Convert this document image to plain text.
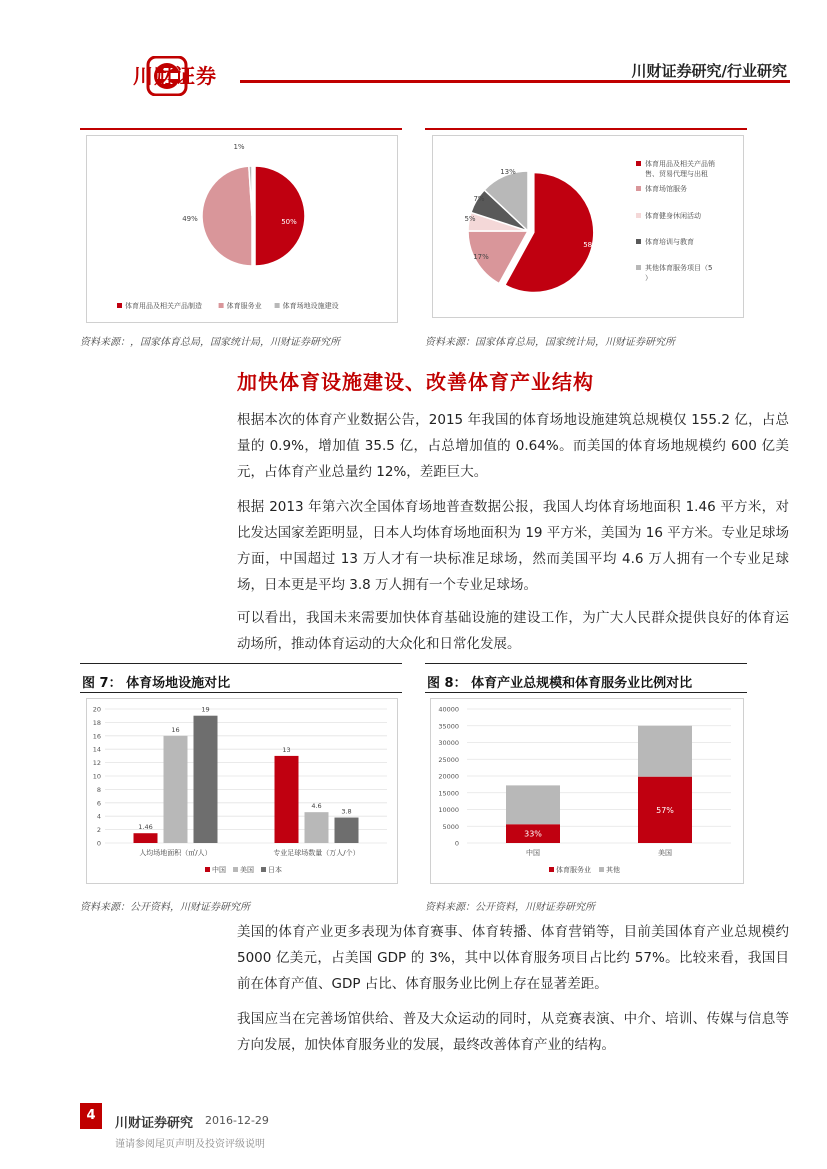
川财证券	川财证券研究/行业研究
50%
49%
1%
体育用品及相关产品制造	体育服务业	体育场地设施建设
资料来源：，国家体育总局，国家统计局，川财证券研究所
58%
17%
5%
7%
13%
体育用品及相关产品销售、贸易代理与出租
体育场馆服务
体育健身休闲活动
体育培训与教育
其他体育服务项目（5 ）
资料来源：国家体育总局，国家统计局，川财证券研究所
加快体育设施建设、改善体育产业结构

根据本次的体育产业数据公告，2015 年我国的体育场地设施建筑总规模仅 155.2 亿，占总量的 0.9%，增加值 35.5 亿，占总增加值的 0.64%。而美国的体育场地规模约 600 亿美元，占体育产业总量约 12%，差距巨大。

根据 2013 年第六次全国体育场地普查数据公报，我国人均体育场地面积 1.46 平方米，对比发达国家差距明显，日本人均体育场地面积为 19 平方米，美国为 16 平方米。专业足球场方面，中国超过 13 万人才有一块标准足球场，然而美国平均 4.6 万人拥有一个专业足球场，日本更是平均 3.8 万人拥有一个专业足球场。

可以看出，我国未来需要加快体育基础设施的建设工作，为广大人民群众提供良好的体育运动场所，推动体育运动的大众化和日常化发展。

图 7： 体育场地设施对比
0
2
4
6
8
10
12
14
16
18
20
1.46
16
19
人均场地面积（㎡/人）
13
4.6
3.8
专业足球场数量（万人/个）
中国 美国 日本
资料来源：公开资料，川财证券研究所
图 8： 体育产业总规模和体育服务业比例对比
0
5000
10000
15000
20000
25000
30000
35000
40000
33%
中国
57%
美国
体育服务业 其他
资料来源：公开资料，川财证券研究所

美国的体育产业更多表现为体育赛事、体育转播、体育营销等，目前美国体育产业总规模约 5000 亿美元，占美国 GDP 的 3%，其中以体育服务项目占比约 57%。比较来看，我国目前在体育产值、GDP 占比、体育服务业比例上存在显著差距。

我国应当在完善场馆供给、普及大众运动的同时，从竞赛表演、中介、培训、传媒与信息等方向发展，加快体育服务业的发展，最终改善体育产业的结构。

4
川财证券研究 2016-12-29
谨请参阅尾页声明及投资评级说明
